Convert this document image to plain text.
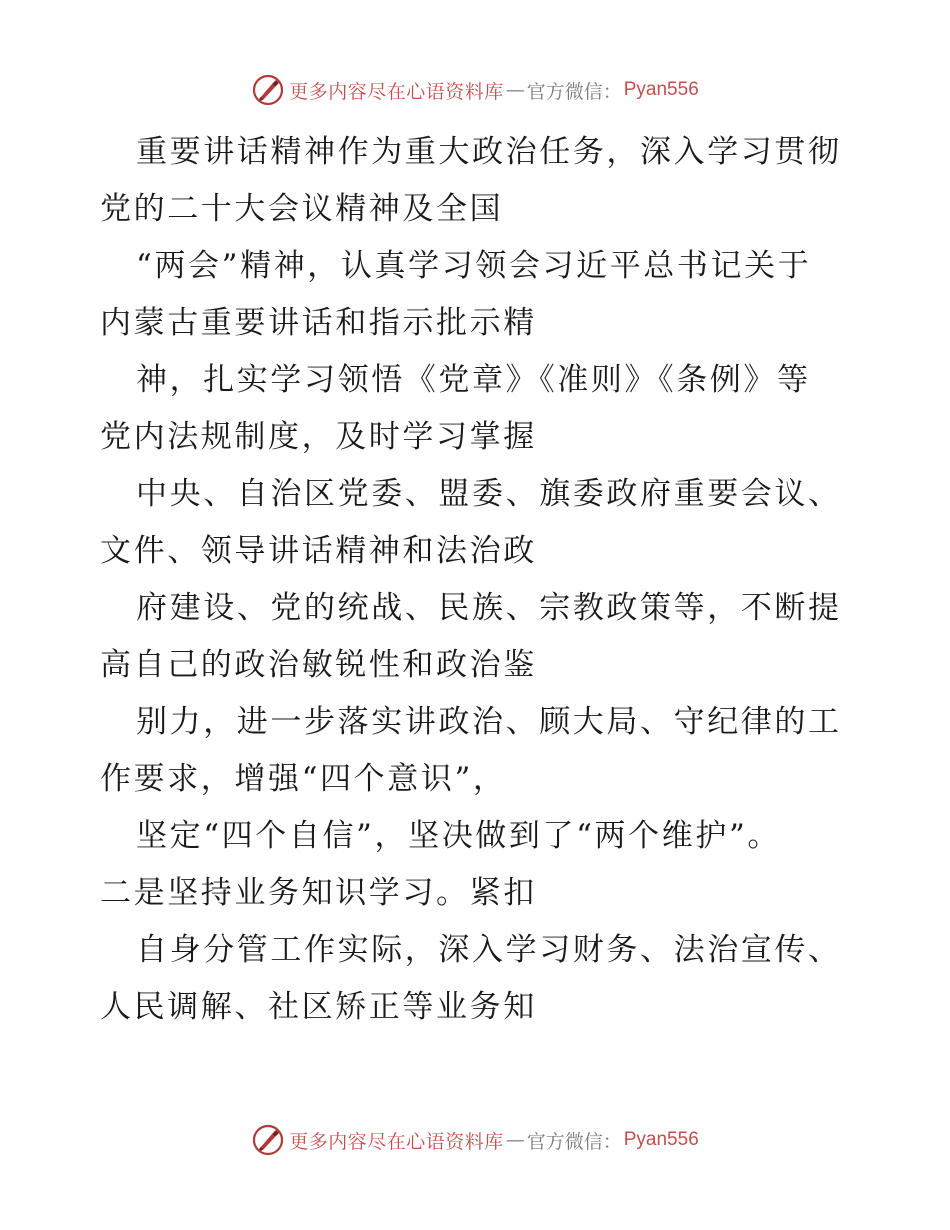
更多内容尽在心语资料库 — 官方微信： Pyan556
重要讲话精神作为重大政治任务，深入学习贯彻
党的二十大会议精神及全国
“两会”精神，认真学习领会习近平总书记关于
内蒙古重要讲话和指示批示精
神，扎实学习领悟《党章》《准则》《条例》等
党内法规制度，及时学习掌握
中央、自治区党委、盟委、旗委政府重要会议、
文件、领导讲话精神和法治政
府建设、党的统战、民族、宗教政策等，不断提
高自己的政治敏锐性和政治鉴
别力，进一步落实讲政治、顾大局、守纪律的工
作要求，增强“四个意识”，
坚定“四个自信”，坚决做到了“两个维护”。
二是坚持业务知识学习。紧扣
自身分管工作实际，深入学习财务、法治宣传、
人民调解、社区矫正等业务知
更多内容尽在心语资料库 — 官方微信： Pyan556
